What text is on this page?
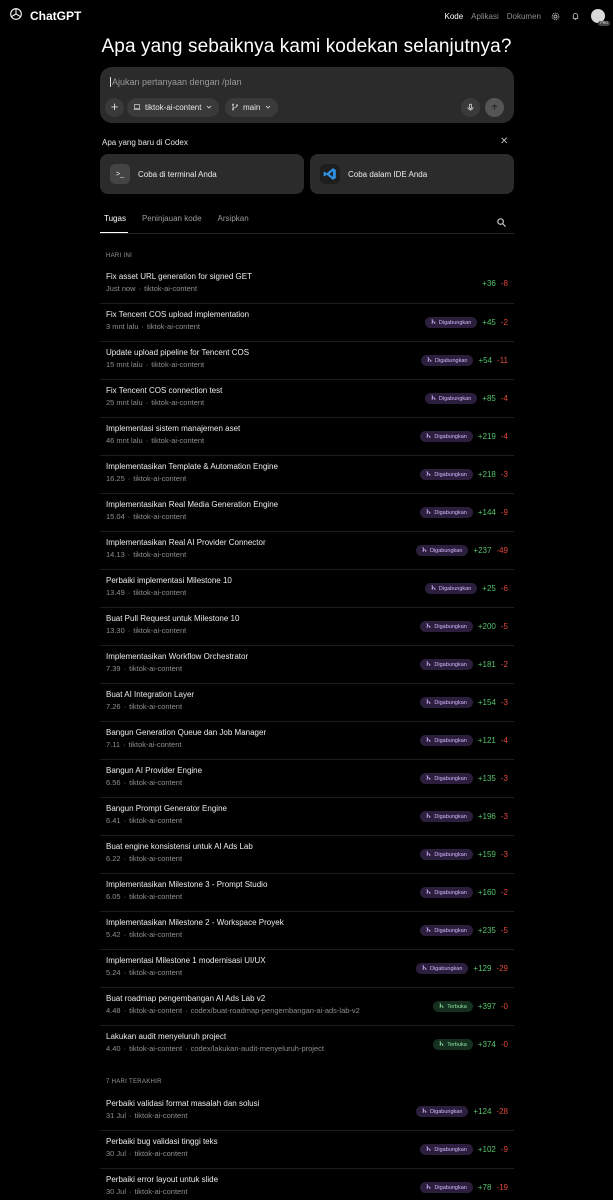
ChatGPT	Kode Aplikasi Dokumen
PRO
Apa yang sebaiknya kami kodekan selanjutnya?
Ajukan pertanyaan dengan /plan
+	tiktok-ai-content	main
Apa yang baru di Codex	✕
>_	Coba di terminal Anda	Coba dalam IDE Anda
Tugas Peninjauan kode Arsipkan
HARI INI
Fix asset URL generation for signed GET
Just now · tiktok-ai-content
+36 -8
Fix Tencent COS upload implementation
3 mnt lalu · tiktok-ai-content	Digabungkan +45 -2
Update upload pipeline for Tencent COS
15 mnt lalu · tiktok-ai-content	Digabungkan +54 -11
Fix Tencent COS connection test
25 mnt lalu · tiktok-ai-content	Digabungkan +85 -4
Implementasi sistem manajemen aset
46 mnt lalu · tiktok-ai-content	Digabungkan +219 -4
Implementasikan Template & Automation Engine
16.25 · tiktok-ai-content	Digabungkan +218 -3
Implementasikan Real Media Generation Engine
15.04 · tiktok-ai-content	Digabungkan +144 -9
Implementasikan Real AI Provider Connector
14.13 · tiktok-ai-content	Digabungkan +237 -49
Perbaiki implementasi Milestone 10
13.49 · tiktok-ai-content	Digabungkan +25 -6
Buat Pull Request untuk Milestone 10
13.30 · tiktok-ai-content	Digabungkan +200 -5
Implementasikan Workflow Orchestrator
7.39 · tiktok-ai-content	Digabungkan +181 -2
Buat AI Integration Layer
7.26 · tiktok-ai-content	Digabungkan +154 -3
Bangun Generation Queue dan Job Manager
7.11 · tiktok-ai-content	Digabungkan +121 -4
Bangun AI Provider Engine
6.56 · tiktok-ai-content	Digabungkan +135 -3
Bangun Prompt Generator Engine
6.41 · tiktok-ai-content	Digabungkan +196 -3
Buat engine konsistensi untuk AI Ads Lab
6.22 · tiktok-ai-content	Digabungkan +159 -3
Implementasikan Milestone 3 - Prompt Studio
6.05 · tiktok-ai-content	Digabungkan +160 -2
Implementasikan Milestone 2 - Workspace Proyek
5.42 · tiktok-ai-content	Digabungkan +235 -5
Implementasi Milestone 1 modernisasi UI/UX
5.24 · tiktok-ai-content	Digabungkan +129 -29
Buat roadmap pengembangan AI Ads Lab v2
4.48 · tiktok-ai-content · codex/buat-roadmap-pengembangan-ai-ads-lab-v2	Terbuka +397 -0
Lakukan audit menyeluruh project
4.40 · tiktok-ai-content · codex/lakukan-audit-menyeluruh-project	Terbuka +374 -0
7 HARI TERAKHIR
Perbaiki validasi format masalah dan solusi
31 Jul · tiktok-ai-content	Digabungkan +124 -28
Perbaiki bug validasi tinggi teks
30 Jul · tiktok-ai-content	Digabungkan +102 -9
Perbaiki error layout untuk slide
30 Jul · tiktok-ai-content	Digabungkan +78 -19
